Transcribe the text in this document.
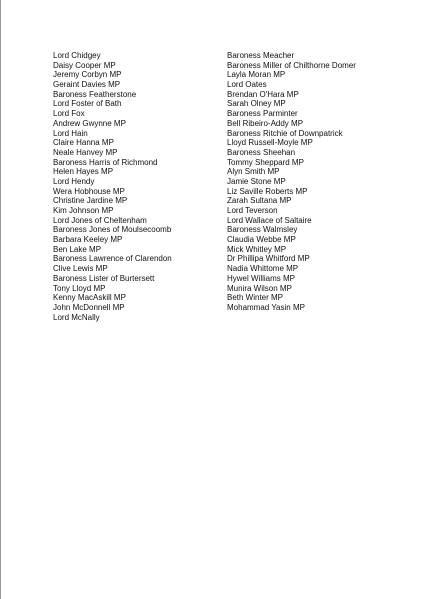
Lord Chidgey
Daisy Cooper MP
Jeremy Corbyn MP
Geraint Davies MP
Baroness Featherstone
Lord Foster of Bath
Lord Fox
Andrew Gwynne MP
Lord Hain
Claire Hanna MP
Neale Hanvey MP
Baroness Harris of Richmond
Helen Hayes MP
Lord Hendy
Wera Hobhouse MP
Christine Jardine MP
Kim Johnson MP
Lord Jones of Cheltenham
Baroness Jones of Moulsecoomb
Barbara Keeley MP
Ben Lake MP
Baroness Lawrence of Clarendon
Clive Lewis MP
Baroness Lister of Burtersett
Tony Lloyd MP
Kenny MacAskill MP
John McDonnell MP
Lord McNally
Baroness Meacher
Baroness Miller of Chilthorne Domer
Layla Moran MP
Lord Oates
Brendan O'Hara MP
Sarah Olney MP
Baroness Parminter
Bell Ribeiro-Addy MP
Baroness Ritchie of Downpatrick
Lloyd Russell-Moyle MP
Baroness Sheehan
Tommy Sheppard MP
Alyn Smith MP
Jamie Stone MP
Liz Saville Roberts MP
Zarah Sultana MP
Lord Teverson
Lord Wallace of Saltaire
Baroness Walmsley
Claudia Webbe MP
Mick Whitley MP
Dr Phillipa Whitford MP
Nadia Whittome MP
Hywel Williams MP
Munira Wilson MP
Beth Winter MP
Mohammad Yasin MP
